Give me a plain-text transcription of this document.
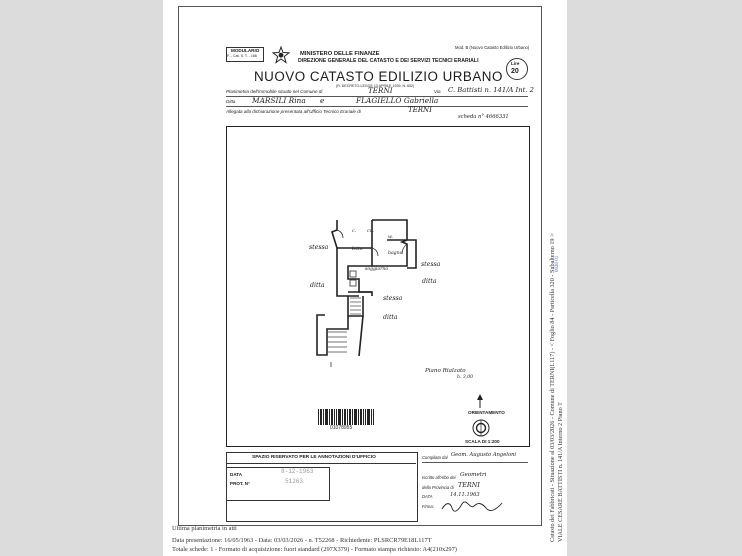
MODULARIO
F. - Cat. S. T. - 166	MINISTERO DELLE FINANZE
DIREZIONE GENERALE DEL CATASTO E DEI SERVIZI TECNICI ERARIALI
Mod. B (Nuovo Catasto Edilizio Urbano)
NUOVO CATASTO EDILIZIO URBANO
(R. DECRETO-LEGGE 13 APRILE 1939, N. 652)
Lire
20
Planimetria dell'immobile situato nel Comune di	TERNI	Via C. Battisti n. 141/A Int. 2
Ditta MARSILI Rina e	FLAGIELLO Gabriella
Allegata alla dichiarazione presentata all'Ufficio Tecnico Erariale di	TERNI
scheda n° 4666331
c. cu.
w.
letto
bagno
soggiorno
stessa
ditta
stessa
ditta
stessa
ditta
Piano Rialzato
h. 3,00
ORIENTAMENTO
SCALA DI 1:200
01078955
SPAZIO RISERVATO PER LE ANNOTAZIONI D'UFFICIO
DATA
PROT. N°
8-12-1963
51263
Compilata dal Geom. Augusto Angeloni
Iscritto all'Albo dei Geometri
della Provincia di TERNI
DATA	14.11.1963
Firma:
Ultima planimetria in atti
Data presentazione: 16/05/1963 - Data: 03/03/2026 - n. T52268 - Richiedente: PLSRCR79E18L117T
Totale schede: 1 - Formato di acquisizione: fuori standard (297X379) - Formato stampa richiesto: A4(210x297)
Catasto dei Fabbricati - Situazione al 03/03/2026 - Comune di TERNI(L117) - < Foglio 84 - Particella 320 - Subalterno 19 > VIALE CESARE BATTISTI n. 141/A Interno 2 Piano T
0020 01
